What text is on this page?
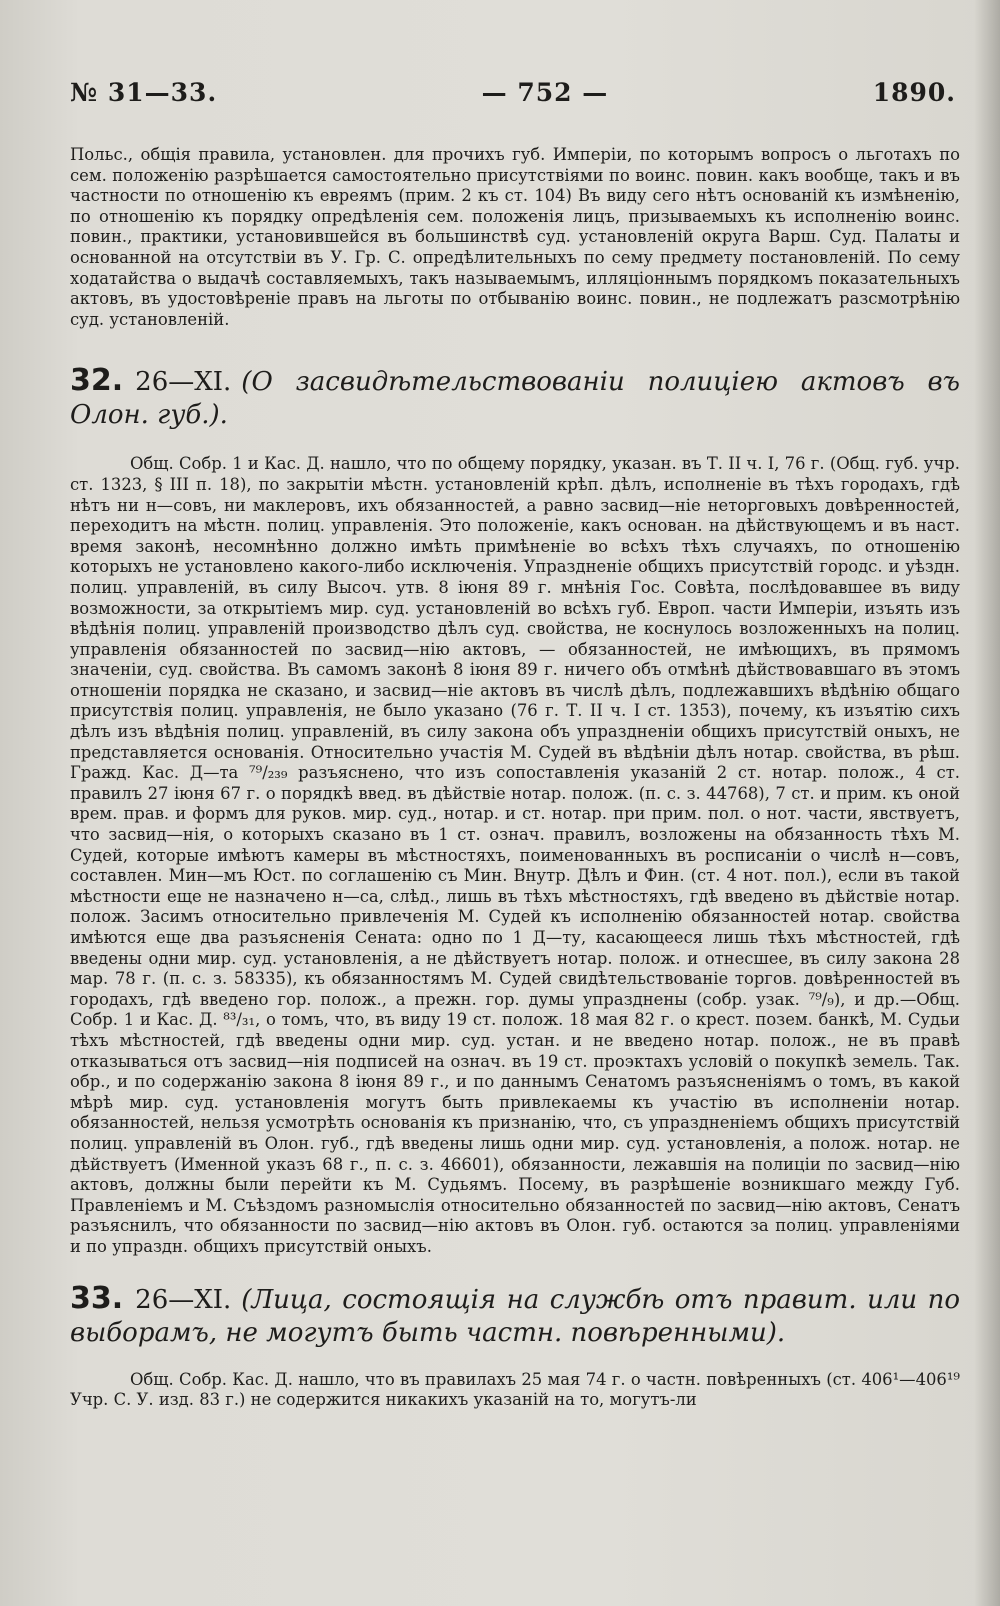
№ 31—33.	— 752 —	1890.

Польс., общія правила, установлен. для прочихъ губ. Имперіи, по которымъ вопросъ о льготахъ по сем. положенію разрѣшается самостоятельно присутствіями по воинс. повин. какъ вообще, такъ и въ частности по отношенію къ евреямъ (прим. 2 къ ст. 104) Въ виду сего нѣтъ основаній къ измѣненію, по отношенію къ порядку опредѣленія сем. положенія лицъ, призываемыхъ къ исполненію воинс. повин., практики, установившейся въ большинствѣ суд. установленій округа Варш. Суд. Палаты и основанной на отсутствіи въ У. Гр. С. опредѣлительныхъ по сему предмету постановленій. По сему ходатайства о выдачѣ составляемыхъ, такъ называемымъ, илляціоннымъ порядкомъ показательныхъ актовъ, въ удостовѣреніе правъ на льготы по отбыванію воинс. повин., не подлежатъ разсмотрѣнію суд. установленій.

32. 26—XI. (О засвидѣтельствованіи полиціею актовъ въ Олон. губ.).

Общ. Собр. 1 и Кас. Д. нашло, что по общему порядку, указан. въ Т. II ч. I, 76 г. (Общ. губ. учр. ст. 1323, § III п. 18), по закрытіи мѣстн. установленій крѣп. дѣлъ, исполненіе въ тѣхъ городахъ, гдѣ нѣтъ ни н—совъ, ни маклеровъ, ихъ обязанностей, а равно засвид—ніе неторговыхъ довѣренностей, переходитъ на мѣстн. полиц. управленія. Это положеніе, какъ основан. на дѣйствующемъ и въ наст. время законѣ, несомнѣнно должно имѣть примѣненіе во всѣхъ тѣхъ случаяхъ, по отношенію которыхъ не установлено какого-либо исключенія. Упраздненіе общихъ присутствій городс. и уѣздн. полиц. управленій, въ силу Высоч. утв. 8 іюня 89 г. мнѣнія Гос. Совѣта, послѣдовавшее въ виду возможности, за открытіемъ мир. суд. установленій во всѣхъ губ. Европ. части Имперіи, изъять изъ вѣдѣнія полиц. управленій производство дѣлъ суд. свойства, не коснулось возложенныхъ на полиц. управленія обязанностей по засвид—нію актовъ, — обязанностей, не имѣющихъ, въ прямомъ значеніи, суд. свойства. Въ самомъ законѣ 8 іюня 89 г. ничего объ отмѣнѣ дѣйствовавшаго въ этомъ отношеніи порядка не сказано, и засвид—ніе актовъ въ числѣ дѣлъ, подлежавшихъ вѣдѣнію общаго присутствія полиц. управленія, не было указано (76 г. Т. II ч. I ст. 1353), почему, къ изъятію сихъ дѣлъ изъ вѣдѣнія полиц. управленій, въ силу закона объ упраздненіи общихъ присутствій оныхъ, не представляется основанія. Относительно участія М. Судей въ вѣдѣніи дѣлъ нотар. свойства, въ рѣш. Гражд. Кас. Д—та ⁷⁹/₂₃₉ разъяснено, что изъ сопоставленія указаній 2 ст. нотар. полож., 4 ст. правилъ 27 іюня 67 г. о порядкѣ введ. въ дѣйствіе нотар. полож. (п. с. з. 44768), 7 ст. и прим. къ оной врем. прав. и формъ для руков. мир. суд., нотар. и ст. нотар. при прим. пол. о нот. части, явствуетъ, что засвид—нія, о которыхъ сказано въ 1 ст. означ. правилъ, возложены на обязанность тѣхъ М. Судей, которые имѣютъ камеры въ мѣстностяхъ, поименованныхъ въ росписаніи о числѣ н—совъ, составлен. Мин—мъ Юст. по соглашенію съ Мин. Внутр. Дѣлъ и Фин. (ст. 4 нот. пол.), если въ такой мѣстности еще не назначено н—са, слѣд., лишь въ тѣхъ мѣстностяхъ, гдѣ введено въ дѣйствіе нотар. полож. Засимъ относительно привлеченія М. Судей къ исполненію обязанностей нотар. свойства имѣются еще два разъясненія Сената: одно по 1 Д—ту, касающееся лишь тѣхъ мѣстностей, гдѣ введены одни мир. суд. установленія, а не дѣйствуетъ нотар. полож. и отнесшее, въ силу закона 28 мар. 78 г. (п. с. з. 58335), къ обязанностямъ М. Судей свидѣтельствованіе торгов. довѣренностей въ городахъ, гдѣ введено гор. полож., а прежн. гор. думы упразднены (собр. узак. ⁷⁹/₉), и др.—Общ. Собр. 1 и Кас. Д. ⁸³/₃₁, о томъ, что, въ виду 19 ст. полож. 18 мая 82 г. о крест. позем. банкѣ, М. Судьи тѣхъ мѣстностей, гдѣ введены одни мир. суд. устан. и не введено нотар. полож., не въ правѣ отказываться отъ засвид—нія подписей на означ. въ 19 ст. проэктахъ условій о покупкѣ земель. Так. обр., и по содержанію закона 8 іюня 89 г., и по даннымъ Сенатомъ разъясненіямъ о томъ, въ какой мѣрѣ мир. суд. установленія могутъ быть привлекаемы къ участію въ исполненіи нотар. обязанностей, нельзя усмотрѣть основанія къ признанію, что, съ упраздненіемъ общихъ присутствій полиц. управленій въ Олон. губ., гдѣ введены лишь одни мир. суд. установленія, а полож. нотар. не дѣйствуетъ (Именной указъ 68 г., п. с. з. 46601), обязанности, лежавшія на полиціи по засвид—нію актовъ, должны были перейти къ М. Судьямъ. Посему, въ разрѣшеніе возникшаго между Губ. Правленіемъ и М. Съѣздомъ разномыслія относительно обязанностей по засвид—нію актовъ, Сенатъ разъяснилъ, что обязанности по засвид—нію актовъ въ Олон. губ. остаются за полиц. управленіями и по упраздн. общихъ присутствій оныхъ.

33. 26—XI. (Лица, состоящія на службѣ отъ правит. или по выборамъ, не могутъ быть частн. повѣренными).

Общ. Собр. Кас. Д. нашло, что въ правилахъ 25 мая 74 г. о частн. повѣренныхъ (ст. 406¹—406¹⁹ Учр. С. У. изд. 83 г.) не содержится никакихъ указаній на то, могутъ-ли
